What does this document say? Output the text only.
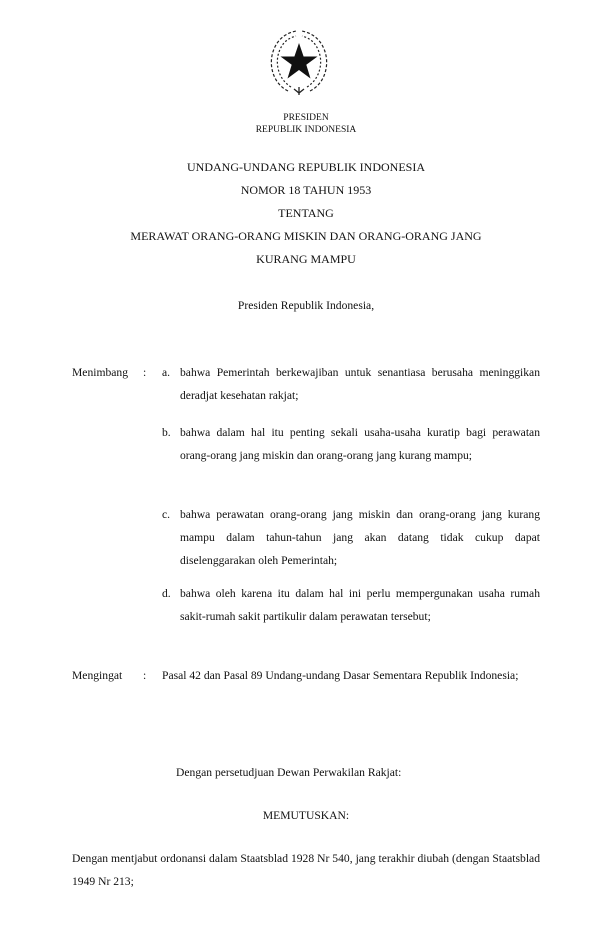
PRESIDEN
REPUBLIK INDONESIA
UNDANG-UNDANG REPUBLIK INDONESIA
NOMOR 18 TAHUN 1953
TENTANG
MERAWAT ORANG-ORANG MISKIN DAN ORANG-ORANG JANG
KURANG MAMPU
Presiden Republik Indonesia,
Menimbang : a. bahwa Pemerintah berkewajiban untuk senantiasa berusaha meninggikan deradjat kesehatan rakjat;
b. bahwa dalam hal itu penting sekali usaha-usaha kuratip bagi perawatan orang-orang jang miskin dan orang-orang jang kurang mampu;
c. bahwa perawatan orang-orang jang miskin dan orang-orang jang kurang mampu dalam tahun-tahun jang akan datang tidak cukup dapat diselenggarakan oleh Pemerintah;
d. bahwa oleh karena itu dalam hal ini perlu mempergunakan usaha rumah sakit-rumah sakit partikulir dalam perawatan tersebut;
Mengingat : Pasal 42 dan Pasal 89 Undang-undang Dasar Sementara Republik Indonesia;
Dengan persetudjuan Dewan Perwakilan Rakjat:
MEMUTUSKAN:
Dengan mentjabut ordonansi dalam Staatsblad 1928 Nr 540, jang terakhir diubah (dengan Staatsblad 1949 Nr 213;
